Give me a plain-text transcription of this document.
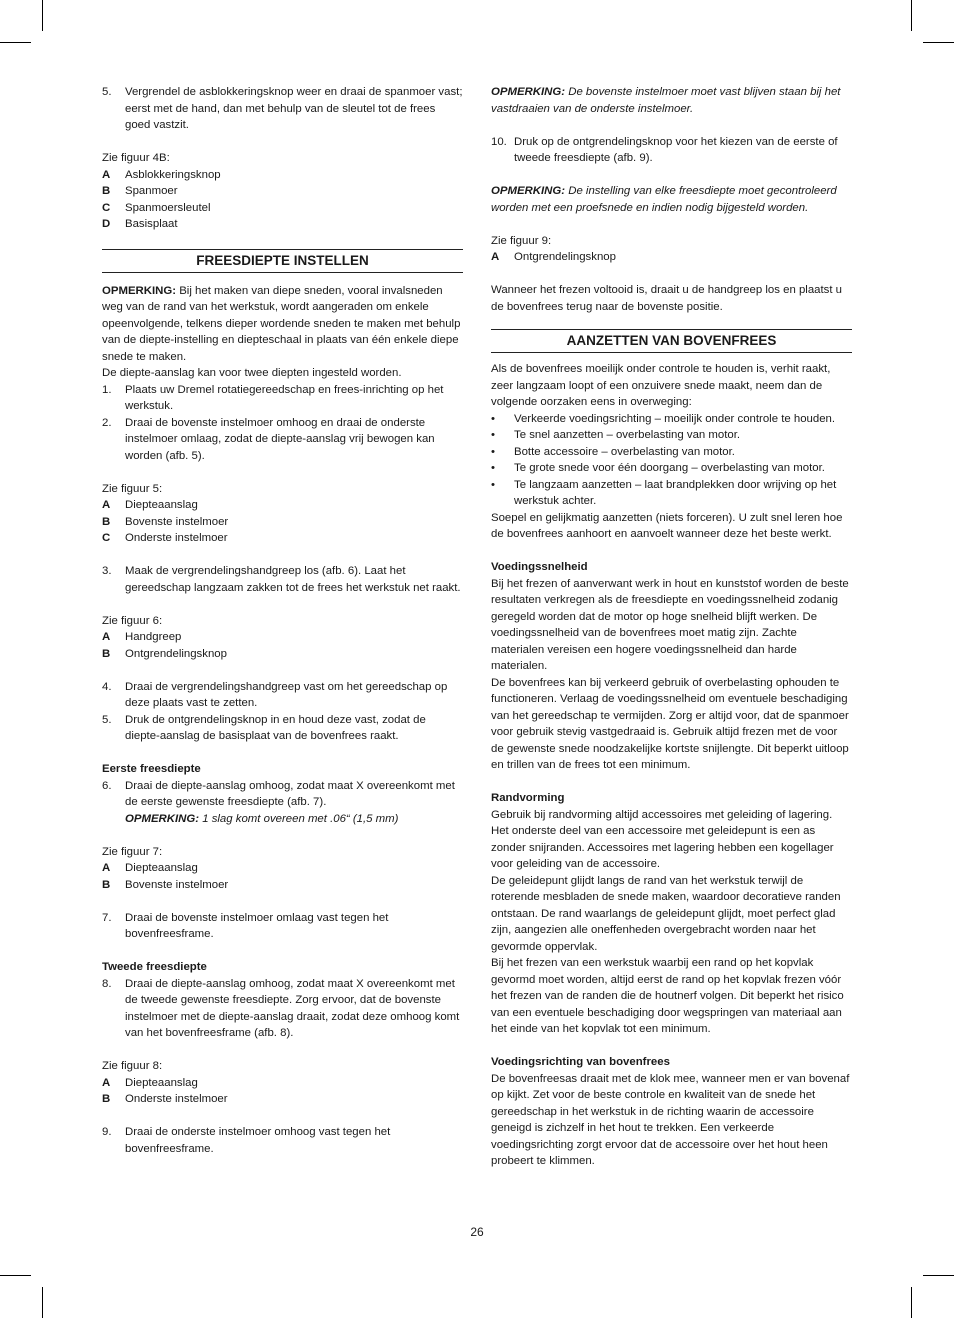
5.	Vergrendel de asblokkeringsknop weer en draai de spanmoer vast; eerst met de hand, dan met behulp van de sleutel tot de frees goed vastzit.

Zie figuur 4B:

A	Asblokkeringsknop
B	Spanmoer
C	Spanmoersleutel
D	Basisplaat
FREESDIEPTE INSTELLEN

OPMERKING: Bij het maken van diepe sneden, vooral invalsneden weg van de rand van het werkstuk, wordt aangeraden om enkele opeenvolgende, telkens dieper wordende sneden te maken met behulp van de diepte-instelling en diepteschaal in plaats van één enkele diepe snede te maken.

De diepte-aanslag kan voor twee diepten ingesteld worden.

1.	Plaats uw Dremel rotatiegereedschap en frees-inrichting op het werkstuk.
2.	Draai de bovenste instelmoer omhoog en draai de onderste instelmoer omlaag, zodat de diepte-aanslag vrij bewogen kan worden (afb. 5).

Zie figuur 5:

A	Diepteaanslag
B	Bovenste instelmoer
C	Onderste instelmoer
3.	Maak de vergrendelingshandgreep los (afb. 6). Laat het gereedschap langzaam zakken tot de frees het werkstuk net raakt.

Zie figuur 6:

A	Handgreep
B	Ontgrendelingsknop
4.	Draai de vergrendelingshandgreep vast om het gereedschap op deze plaats vast te zetten.
5.	Druk de ontgrendelingsknop in en houd deze vast, zodat de diepte-aanslag de basisplaat van de bovenfrees raakt.

Eerste freesdiepte

6.	Draai de diepte-aanslag omhoog, zodat maat X overeenkomt met de eerste gewenste freesdiepte (afb. 7).
OPMERKING: 1 slag komt overeen met .06“ (1,5 mm)

Zie figuur 7:

A	Diepteaanslag
B	Bovenste instelmoer
7.	Draai de bovenste instelmoer omlaag vast tegen het bovenfreesframe.

Tweede freesdiepte

8.	Draai de diepte-aanslag omhoog, zodat maat X overeenkomt met de tweede gewenste freesdiepte. Zorg ervoor, dat de bovenste instelmoer met de diepte-aanslag draait, zodat deze omhoog komt van het bovenfreesframe (afb. 8).

Zie figuur 8:

A	Diepteaanslag
B	Onderste instelmoer
9.	Draai de onderste instelmoer omhoog vast tegen het bovenfreesframe.

OPMERKING: De bovenste instelmoer moet vast blijven staan bij het vastdraaien van de onderste instelmoer.

10. Druk op de ontgrendelingsknop voor het kiezen van de eerste of tweede freesdiepte (afb. 9).

OPMERKING: De instelling van elke freesdiepte moet gecontroleerd worden met een proefsnede en indien nodig bijgesteld worden.

Zie figuur 9:

A	Ontgrendelingsknop

Wanneer het frezen voltooid is, draait u de handgreep los en plaatst u de bovenfrees terug naar de bovenste positie.

AANZETTEN VAN BOVENFREES

Als de bovenfrees moeilijk onder controle te houden is, verhit raakt, zeer langzaam loopt of een onzuivere snede maakt, neem dan de volgende oorzaken eens in overweging:

•	Verkeerde voedingsrichting – moeilijk onder controle te houden.
•	Te snel aanzetten – overbelasting van motor.
•	Botte accessoire – overbelasting van motor.
•	Te grote snede voor één doorgang – overbelasting van motor.
•	Te langzaam aanzetten – laat brandplekken door wrijving op het werkstuk achter.

Soepel en gelijkmatig aanzetten (niets forceren). U zult snel leren hoe de bovenfrees aanhoort en aanvoelt wanneer deze het beste werkt.

Voedingssnelheid

Bij het frezen of aanverwant werk in hout en kunststof worden de beste resultaten verkregen als de freesdiepte en voedingssnelheid zodanig geregeld worden dat de motor op hoge snelheid blijft werken. De voedingssnelheid van de bovenfrees moet matig zijn. Zachte materialen vereisen een hogere voedingssnelheid dan harde materialen.

De bovenfrees kan bij verkeerd gebruik of overbelasting ophouden te functioneren. Verlaag de voedingssnelheid om eventuele beschadiging van het gereedschap te vermijden. Zorg er altijd voor, dat de spanmoer voor gebruik stevig vastgedraaid is. Gebruik altijd frezen met de voor de gewenste snede noodzakelijke kortste snijlengte. Dit beperkt uitloop en trillen van de frees tot een minimum.

Randvorming

Gebruik bij randvorming altijd accessoires met geleiding of lagering. Het onderste deel van een accessoire met geleidepunt is een as zonder snijranden. Accessoires met lagering hebben een kogellager voor geleiding van de accessoire.

De geleidepunt glijdt langs de rand van het werkstuk terwijl de roterende mesbladen de snede maken, waardoor decoratieve randen ontstaan. De rand waarlangs de geleidepunt glijdt, moet perfect glad zijn, aangezien alle oneffenheden overgebracht worden naar het gevormde oppervlak.

Bij het frezen van een werkstuk waarbij een rand op het kopvlak gevormd moet worden, altijd eerst de rand op het kopvlak frezen vóór het frezen van de randen die de houtnerf volgen. Dit beperkt het risico van een eventuele beschadiging door wegspringen van materiaal aan het einde van het kopvlak tot een minimum.

Voedingsrichting van bovenfrees

De bovenfreesas draait met de klok mee, wanneer men er van bovenaf op kijkt. Zet voor de beste controle en kwaliteit van de snede het gereedschap in het werkstuk in de richting waarin de accessoire geneigd is zichzelf in het hout te trekken. Een verkeerde voedingsrichting zorgt ervoor dat de accessoire over het hout heen probeert te klimmen.

26
